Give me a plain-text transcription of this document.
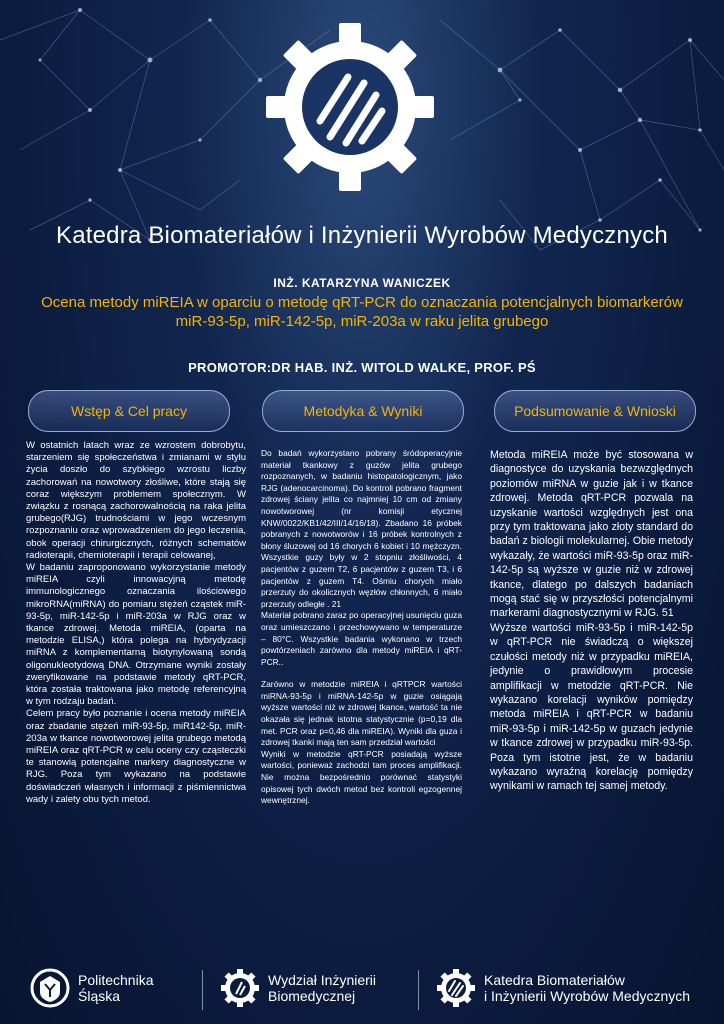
Katedra Biomateriałów i Inżynierii Wyrobów Medycznych
INŻ. KATARZYNA WANICZEK
Ocena metody miREIA w oparciu o metodę qRT-PCR do oznaczania potencjalnych biomarkerów
miR-93-5p, miR-142-5p, miR-203a w raku jelita grubego
PROMOTOR:DR HAB. INŻ. WITOLD WALKE, PROF. PŚ
Wstęp & Cel pracy	Metodyka & Wyniki	Podsumowanie & Wnioski

W ostatnich latach wraz ze wzrostem dobrobytu, starzeniem się społeczeństwa i zmianami w stylu życia doszło do szybkiego wzrostu liczby zachorowań na nowotwory złośliwe, które stają się coraz większym problemem społecznym. W związku z rosnącą zachorowalnością na raka jelita grubego(RJG) trudnościami w jego wczesnym rozpoznaniu oraz wprowadzeniem do jego leczenia, obok operacji chirurgicznych, różnych schematów radioterapii, chemioterapii i terapii celowanej,

W badaniu zaproponowano wykorzystanie metody miREIA czyli innowacyjną metodę immunologicznego oznaczania ilościowego mikroRNA(miRNA) do pomiaru stężeń cząstek miR-93-5p, miR-142-5p i miR-203a w RJG oraz w tkance zdrowej. Metoda miREIA, (oparta na metodzie ELISA,) która polega na hybrydyzacji miRNA z komplementarną biotynylowaną sondą oligonukleotydową DNA. Otrzymane wyniki zostały zweryfikowane na podstawie metody qRT-PCR, która została traktowana jako metodę referencyjną w tym rodzaju badań.

Celem pracy było poznanie i ocena metody miREIA oraz zbadanie stężeń miR-93-5p, miR142-5p, miR-203a w tkance nowotworowej jelita grubego metodą miREIA oraz qRT-PCR w celu oceny czy cząsteczki te stanowią potencjalne markery diagnostyczne w RJG. Poza tym wykazano na podstawie doświadczeń własnych i informacji z piśmiennictwa wady i zalety obu tych metod.

Do badań wykorzystano pobrany śródoperacyjnie materiał tkankowy z guzów jelita grubego rozpoznanych, w badaniu histopatologicznym, jako RJG (adenocarcinoma). Do kontroli pobrano fragment zdrowej ściany jelita co najmniej 10 cm od zmiany nowotworowej (nr komisji etycznej KNW/0022/KB1/42/III/14/16/18). Zbadano 16 próbek pobranych z nowotworów i 16 próbek kontrolnych z błony śluzowej od 16 chorych 6 kobiet i 10 mężczyzn. Wszystkie guzy były w 2 stopniu złośliwości, 4 pacjentów z guzem T2, 6 pacjentów z guzem T3, i 6 pacjentów z guzem T4. Ośmiu chorych miało przerzuty do okolicznych węzłów chłonnych, 6 miało przerzuty odległe . 21

Materiał pobrano zaraz po operacyjnej usunięciu guza oraz umieszczano i przechowywano w temperaturze – 80°C. Wszystkie badania wykonano w trzech powtórzeniach zarówno dla metody miREIA i qRT-PCR..

Zarówno w metodzie miREIA i qRTPCR wartości miRNA-93-5p i miRNA-142-5p w guzie osiągają wyższe wartości niż w zdrowej tkance, wartość ta nie okazała się jednak istotna statystycznie (p=0,19 dla met. PCR oraz p=0,46 dla miREIA). Wyniki dla guza i zdrowej tkanki mają ten sam przedział wartości

Wyniki w metodzie qRT-PCR posiadają wyższe wartości, ponieważ zachodzi tam proces amplifikacji. Nie można bezpośrednio porównać statystyki opisowej tych dwóch metod bez kontroli egzogennej wewnętrznej.

Metoda miREIA może być stosowana w diagnostyce do uzyskania bezwzględnych poziomów miRNA w guzie jak i w tkance zdrowej. Metoda qRT-PCR pozwala na uzyskanie wartości względnych jest ona przy tym traktowana jako złoty standard do badań z biologii molekularnej. Obie metody wykazały, że wartości miR-93-5p oraz miR-142-5p są wyższe w guzie niż w zdrowej tkance, dlatego po dalszych badaniach mogą stać się w przyszłości potencjalnymi markerami diagnostycznymi w RJG. 51

Wyższe wartości miR-93-5p i miR-142-5p w qRT-PCR nie świadczą o większej czułości metody niż w przypadku miREIA, jedynie o prawidłowym procesie amplifikacji w metodzie qRT-PCR. Nie wykazano korelacji wyników pomiędzy metoda miREIA i qRT-PCR w badaniu miR-93-5p i miR-142-5p w guzach jedynie w tkance zdrowej w przypadku miR-93-5p. Poza tym istotne jest, że w badaniu wykazano wyraźną korelację pomiędzy wynikami w ramach tej samej metody.

Politechnika
Śląska
Wydział Inżynierii
Biomedycznej
Katedra Biomateriałów
i Inżynierii Wyrobów Medycznych
